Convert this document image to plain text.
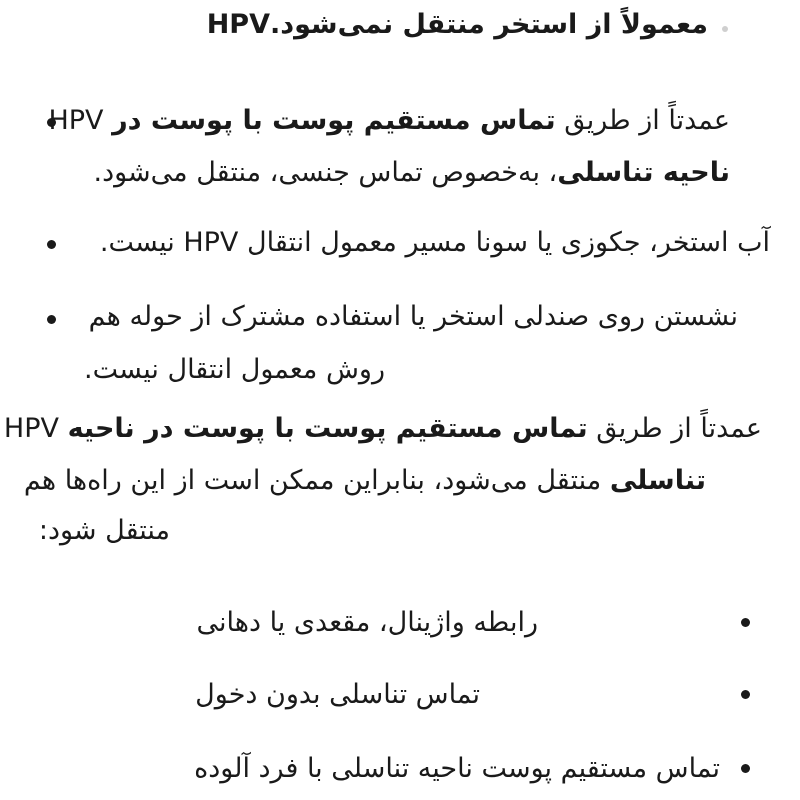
معمولاً از استخر منتقل نمی‌شود.HPV
عمدتاً از طریق تماس مستقیم پوست با پوست در HPV
ناحیه تناسلی، به‌خصوص تماس جنسی، منتقل می‌شود.
آب استخر، جکوزی یا سونا مسیر معمول انتقال HPV نیست.
نشستن روی صندلی استخر یا استفاده مشترک از حوله هم
روش معمول انتقال نیست.
عمدتاً از طریق تماس مستقیم پوست با پوست در ناحیه HPV
تناسلی منتقل می‌شود، بنابراین ممکن است از این راه‌ها هم
منتقل شود:
رابطه واژینال، مقعدی یا دهانی
تماس تناسلی بدون دخول
تماس مستقیم پوست ناحیه تناسلی با فرد آلوده
